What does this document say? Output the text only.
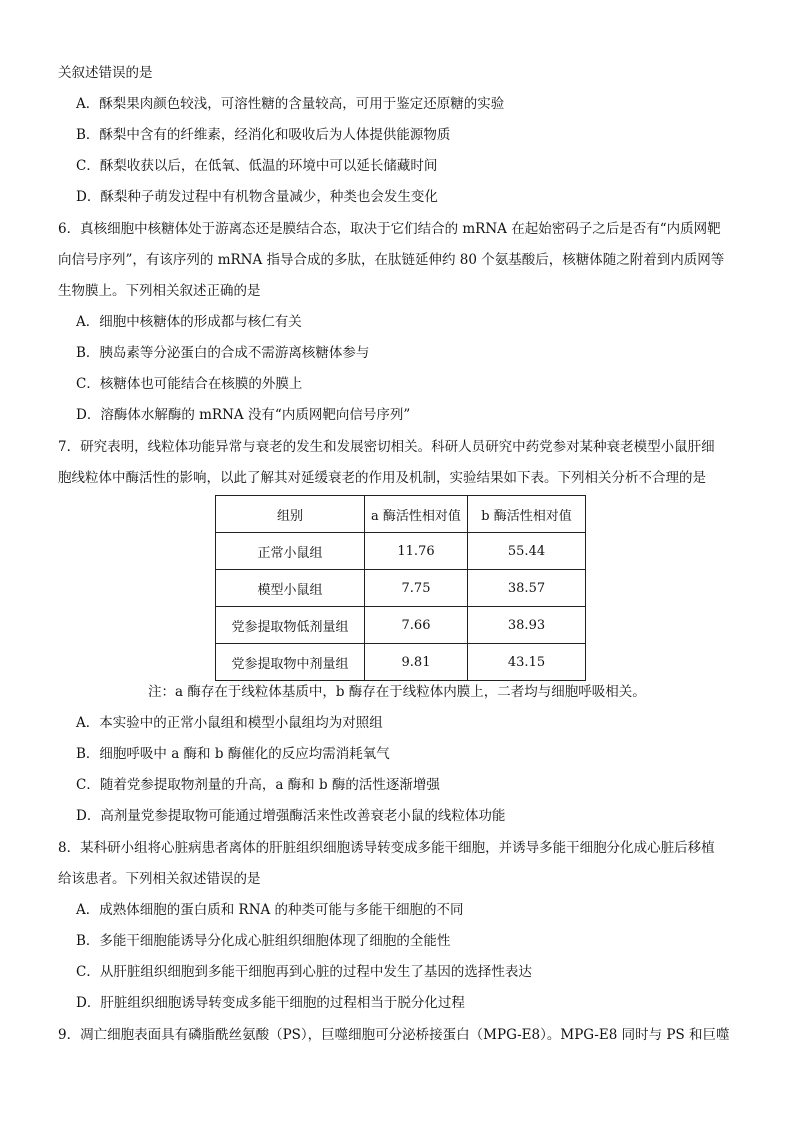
关叙述错误的是
A．酥梨果肉颜色较浅，可溶性糖的含量较高，可用于鉴定还原糖的实验
B．酥梨中含有的纤维素，经消化和吸收后为人体提供能源物质
C．酥梨收获以后，在低氧、低温的环境中可以延长储藏时间
D．酥梨种子萌发过程中有机物含量减少，种类也会发生变化
6．真核细胞中核糖体处于游离态还是膜结合态，取决于它们结合的 mRNA 在起始密码子之后是否有“内质网靶
向信号序列”，有该序列的 mRNA 指导合成的多肽，在肽链延伸约 80 个氨基酸后，核糖体随之附着到内质网等
生物膜上。下列相关叙述正确的是
A．细胞中核糖体的形成都与核仁有关
B．胰岛素等分泌蛋白的合成不需游离核糖体参与
C．核糖体也可能结合在核膜的外膜上
D．溶酶体水解酶的 mRNA 没有“内质网靶向信号序列”
7．研究表明，线粒体功能异常与衰老的发生和发展密切相关。科研人员研究中药党参对某种衰老模型小鼠肝细
胞线粒体中酶活性的影响，以此了解其对延缓衰老的作用及机制，实验结果如下表。下列相关分析不合理的是
组别	a 酶活性相对值	b 酶活性相对值
正常小鼠组	11.76	55.44
模型小鼠组	7.75	38.57
党参提取物低剂量组	7.66	38.93
党参提取物中剂量组	9.81	43.15
注：a 酶存在于线粒体基质中，b 酶存在于线粒体内膜上，二者均与细胞呼吸相关。
A．本实验中的正常小鼠组和模型小鼠组均为对照组
B．细胞呼吸中 a 酶和 b 酶催化的反应均需消耗氧气
C．随着党参提取物剂量的升高，a 酶和 b 酶的活性逐渐增强
D．高剂量党参提取物可能通过增强酶活来性改善衰老小鼠的线粒体功能
8．某科研小组将心脏病患者离体的肝脏组织细胞诱导转变成多能干细胞，并诱导多能干细胞分化成心脏后移植
给该患者。下列相关叙述错误的是
A．成熟体细胞的蛋白质和 RNA 的种类可能与多能干细胞的不同
B．多能干细胞能诱导分化成心脏组织细胞体现了细胞的全能性
C．从肝脏组织细胞到多能干细胞再到心脏的过程中发生了基因的选择性表达
D．肝脏组织细胞诱导转变成多能干细胞的过程相当于脱分化过程
9．凋亡细胞表面具有磷脂酰丝氨酸（PS），巨噬细胞可分泌桥接蛋白（MPG-E8）。MPG-E8 同时与 PS 和巨噬
